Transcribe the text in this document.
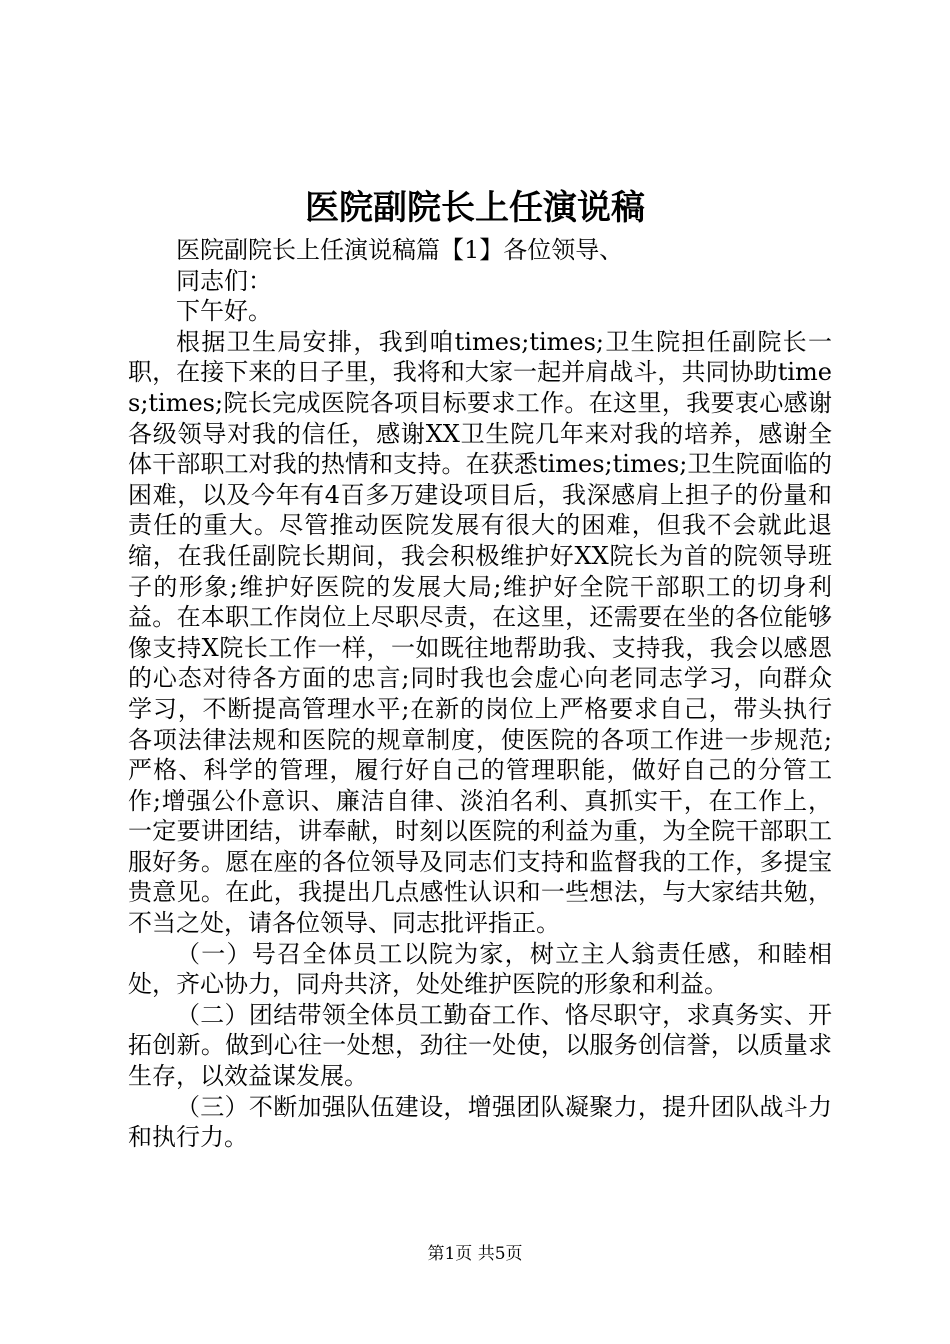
医院副院长上任演说稿

医院副院长上任演说稿篇【1】各位领导、

同志们：

下午好。

根据卫生局安排，我到咱times;times;卫生院担任副院长一职，在接下来的日子里，我将和大家一起并肩战斗，共同协助times;times;院长完成医院各项目标要求工作。在这里，我要衷心感谢各级领导对我的信任，感谢XX卫生院几年来对我的培养，感谢全体干部职工对我的热情和支持。在获悉times;times;卫生院面临的困难，以及今年有4百多万建设项目后，我深感肩上担子的份量和责任的重大。尽管推动医院发展有很大的困难，但我不会就此退缩，在我任副院长期间，我会积极维护好XX院长为首的院领导班子的形象;维护好医院的发展大局;维护好全院干部职工的切身利益。在本职工作岗位上尽职尽责，在这里，还需要在坐的各位能够像支持X院长工作一样，一如既往地帮助我、支持我，我会以感恩的心态对待各方面的忠言;同时我也会虚心向老同志学习，向群众学习，不断提高管理水平;在新的岗位上严格要求自己，带头执行各项法律法规和医院的规章制度，使医院的各项工作进一步规范;严格、科学的管理，履行好自己的管理职能，做好自己的分管工作;增强公仆意识、廉洁自律、淡泊名利、真抓实干，在工作上，一定要讲团结，讲奉献，时刻以医院的利益为重，为全院干部职工服好务。愿在座的各位领导及同志们支持和监督我的工作，多提宝贵意见。在此，我提出几点感性认识和一些想法，与大家结共勉，不当之处，请各位领导、同志批评指正。

（一）号召全体员工以院为家，树立主人翁责任感，和睦相处，齐心协力，同舟共济，处处维护医院的形象和利益。

（二）团结带领全体员工勤奋工作、恪尽职守，求真务实、开拓创新。做到心往一处想，劲往一处使，以服务创信誉，以质量求生存，以效益谋发展。

（三）不断加强队伍建设，增强团队凝聚力，提升团队战斗力和执行力。

第1页 共5页
